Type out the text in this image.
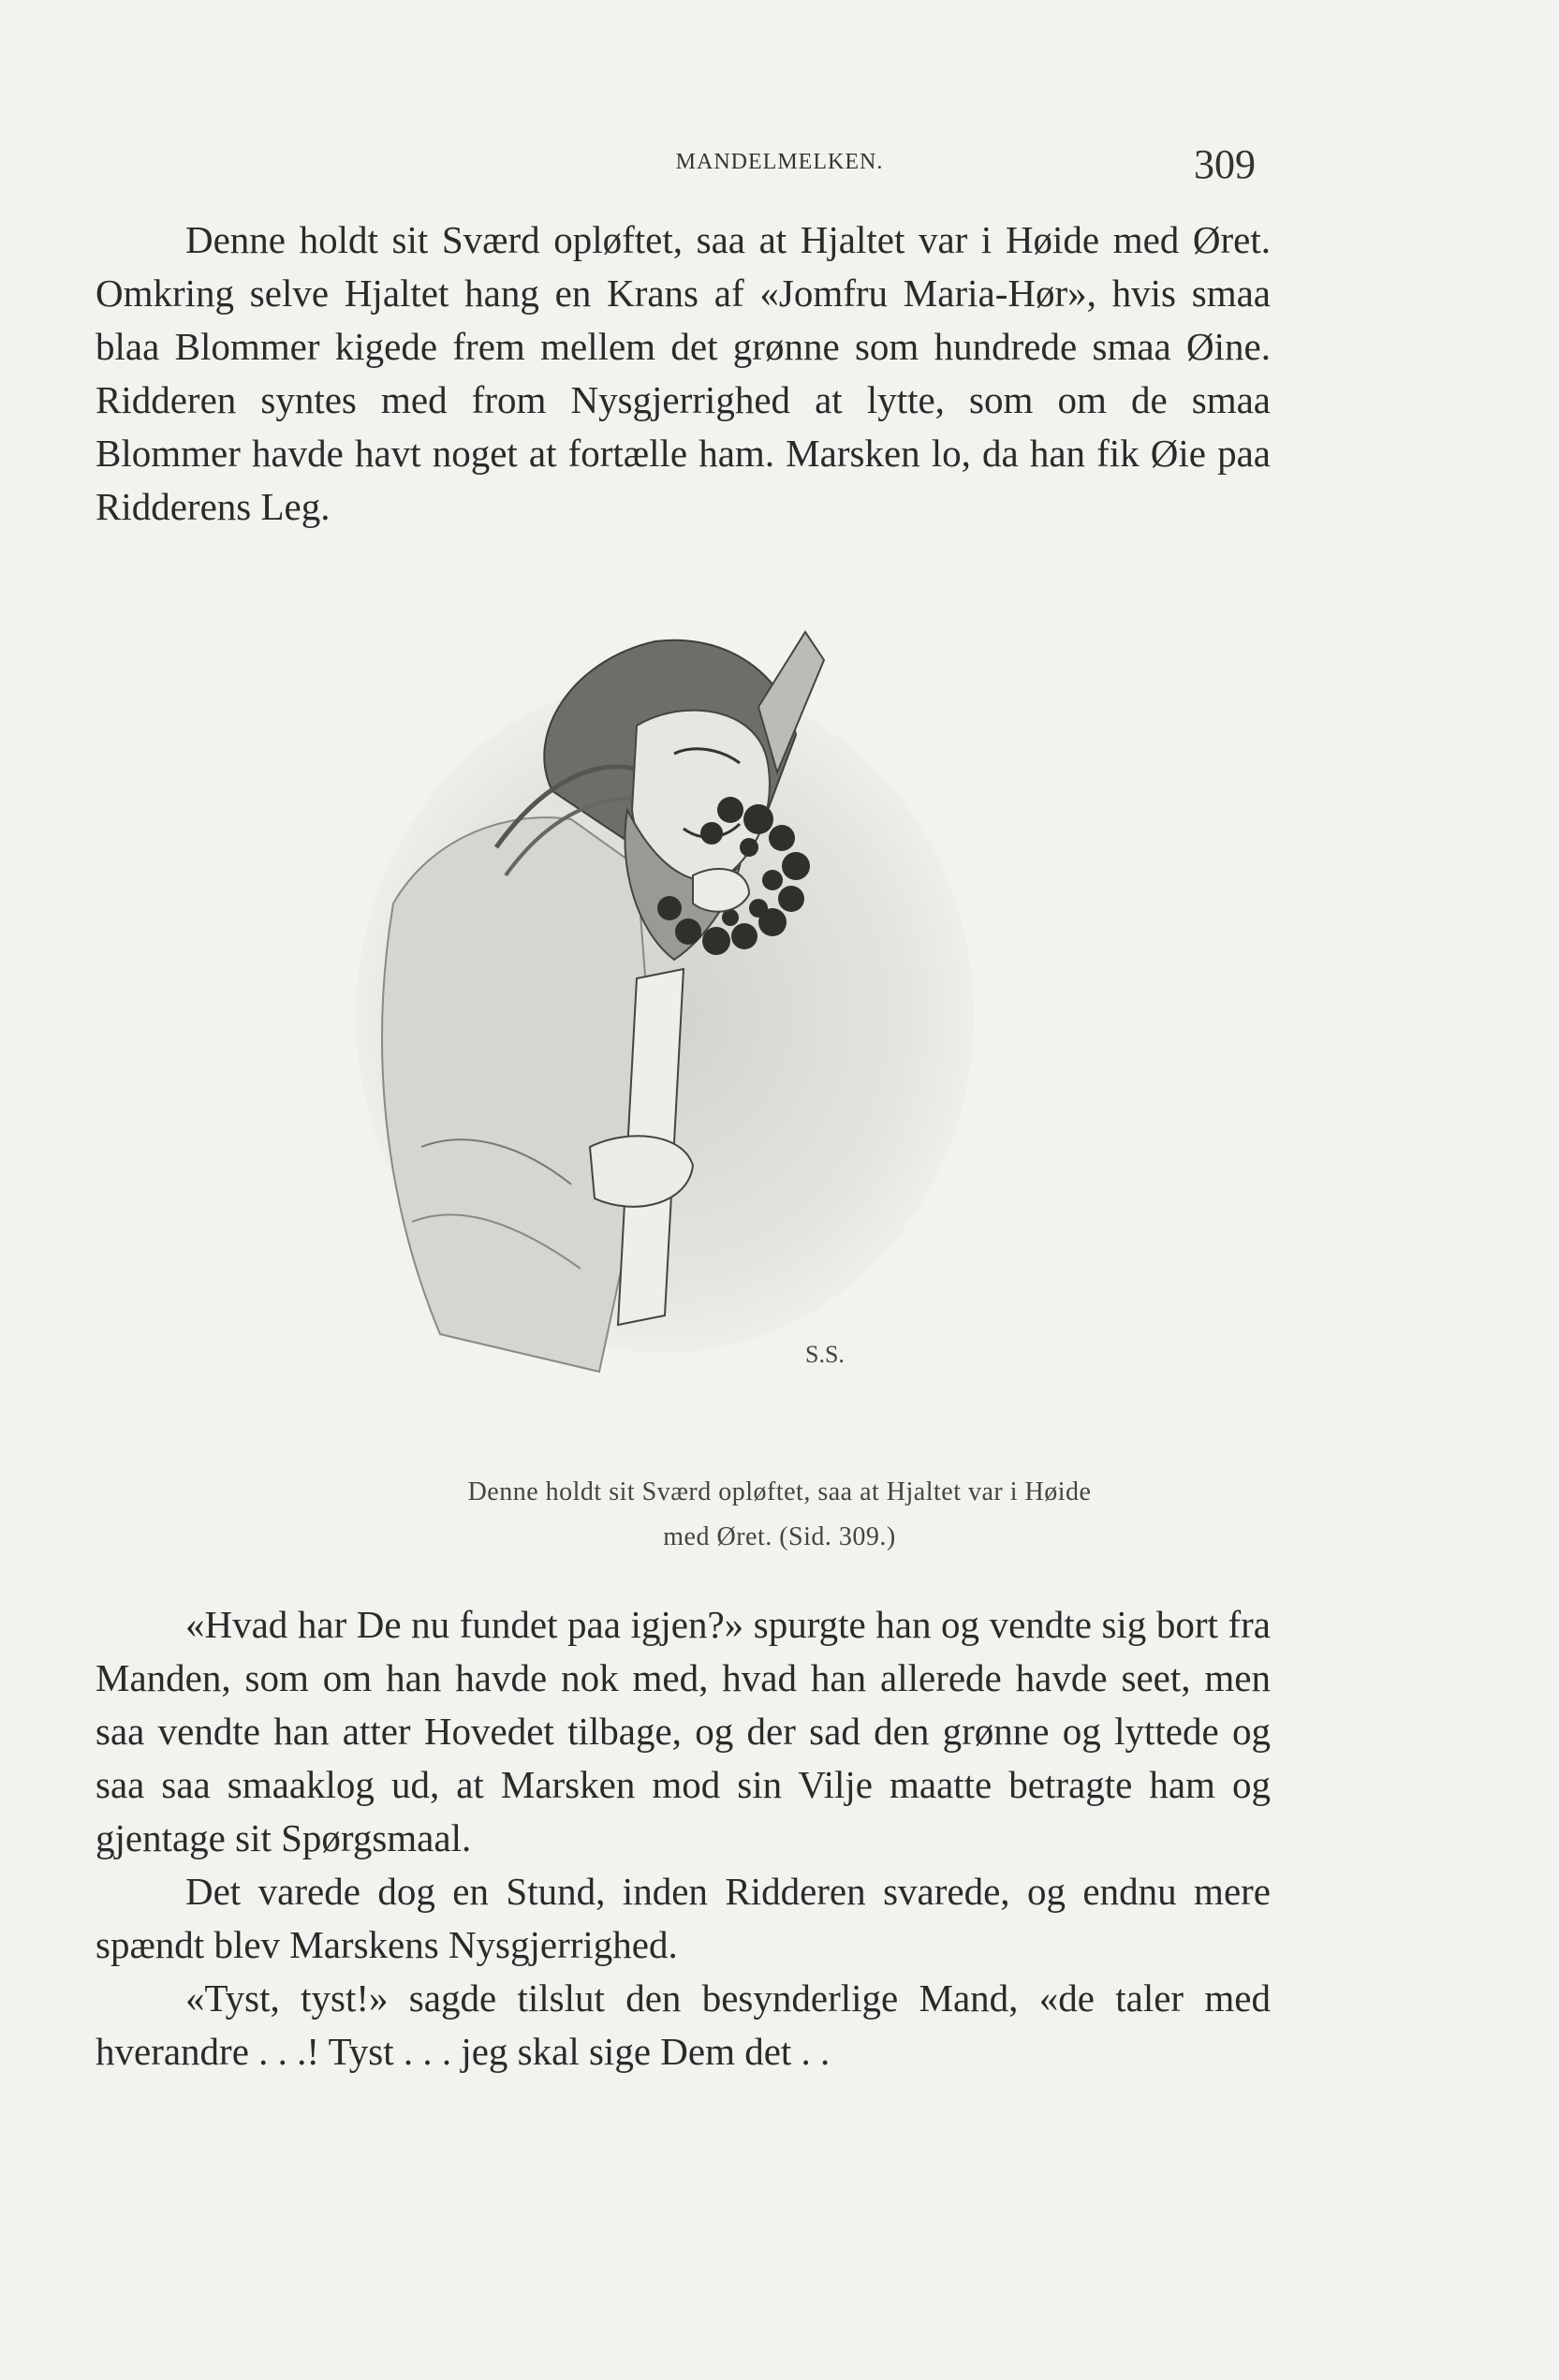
MANDELMELKEN.	309

Denne holdt sit Sværd opløftet, saa at Hjaltet var i Høide med Øret. Omkring selve Hjaltet hang en Krans af «Jomfru Maria-Hør», hvis smaa blaa Blommer kigede frem mellem det grønne som hundrede smaa Øine. Ridderen syntes med from Nysgjerrighed at lytte, som om de smaa Blommer havde havt noget at fortælle ham. Marsken lo, da han fik Øie paa Ridderens Leg.

S.S.
Denne holdt sit Sværd opløftet, saa at Hjaltet var i Høide
med Øret. (Sid. 309.)

«Hvad har De nu fundet paa igjen?» spurgte han og vendte sig bort fra Manden, som om han havde nok med, hvad han allerede havde seet, men saa vendte han atter Hovedet tilbage, og der sad den grønne og lyttede og saa saa smaaklog ud, at Marsken mod sin Vilje maatte betragte ham og gjentage sit Spørgsmaal.

Det varede dog en Stund, inden Ridderen svarede, og endnu mere spændt blev Marskens Nysgjerrighed.

«Tyst, tyst!» sagde tilslut den besynderlige Mand, «de taler med hverandre . . .! Tyst . . . jeg skal sige Dem det . .
